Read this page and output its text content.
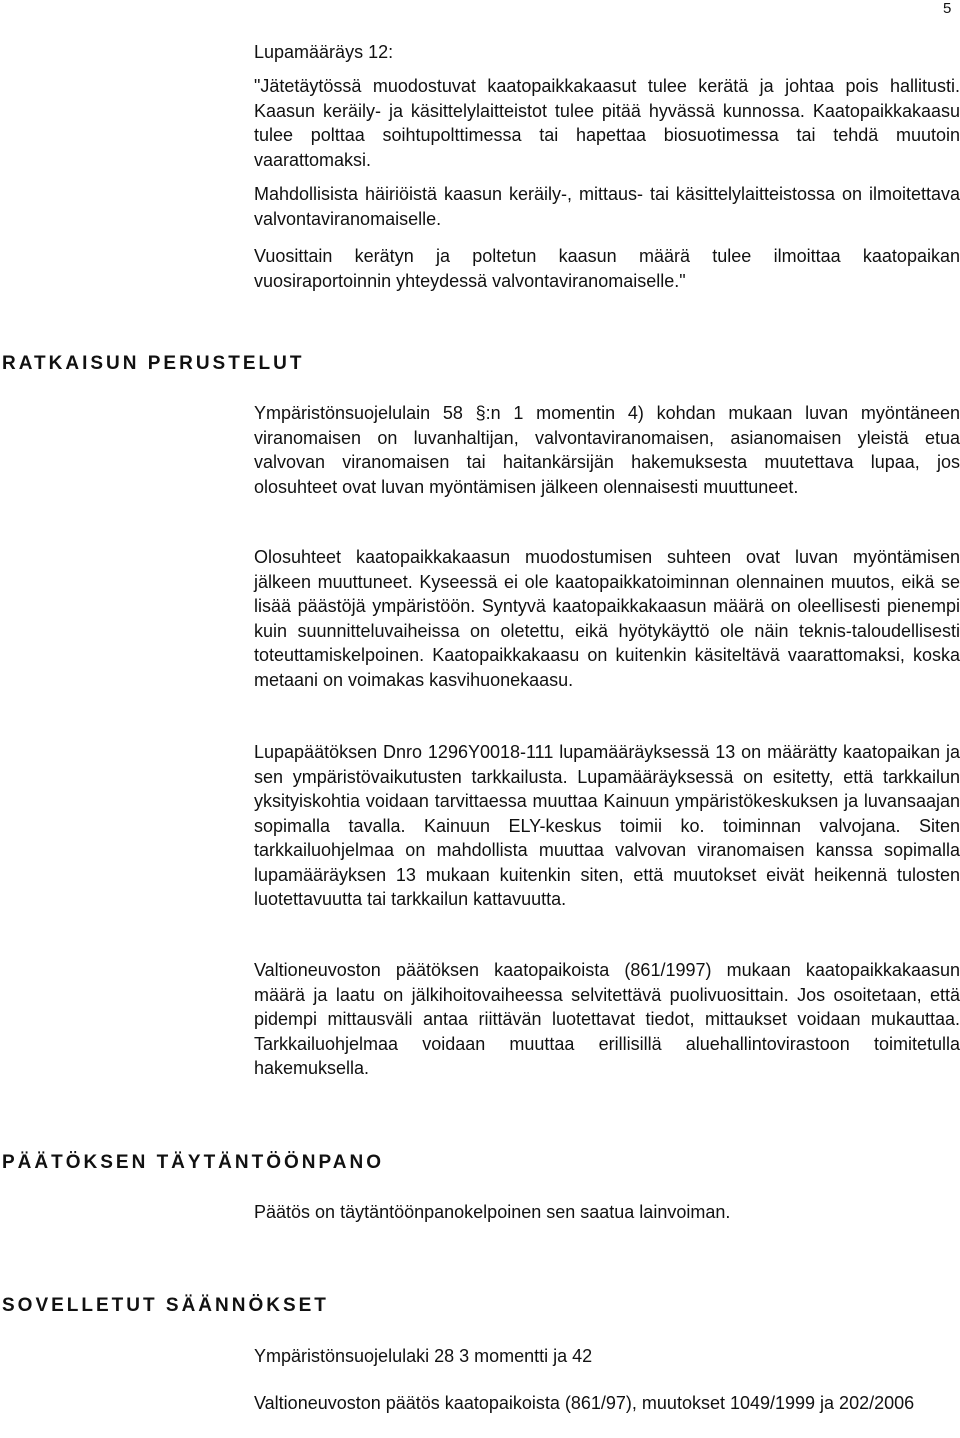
5
Lupamääräys 12:

"Jätetäytössä muodostuvat kaatopaikkakaasut tulee kerätä ja johtaa pois hallitusti. Kaasun keräily- ja käsittelylaitteistot tulee pitää hyvässä kunnossa. Kaatopaikkakaasu tulee polttaa soihtupolttimessa tai hapettaa biosuotimessa tai tehdä muutoin vaarattomaksi.

Mahdollisista häiriöistä kaasun keräily-, mittaus- tai käsittelylaitteistossa on ilmoitettava valvontaviranomaiselle.

Vuosittain kerätyn ja poltetun kaasun määrä tulee ilmoittaa kaatopaikan vuosiraportoinnin yhteydessä valvontaviranomaiselle."

RATKAISUN PERUSTELUT

Ympäristönsuojelulain 58 §:n 1 momentin 4) kohdan mukaan luvan myöntäneen viranomaisen on luvanhaltijan, valvontaviranomaisen, asianomaisen yleistä etua valvovan viranomaisen tai haitankärsijän hakemuksesta muutettava lupaa, jos olosuhteet ovat luvan myöntämisen jälkeen olennaisesti muuttuneet.

Olosuhteet kaatopaikkakaasun muodostumisen suhteen ovat luvan myöntämisen jälkeen muuttuneet. Kyseessä ei ole kaatopaikkatoiminnan olennainen muutos, eikä se lisää päästöjä ympäristöön. Syntyvä kaatopaikkakaasun määrä on oleellisesti pienempi kuin suunnitteluvaiheissa on oletettu, eikä hyötykäyttö ole näin teknis-taloudellisesti toteuttamiskelpoinen. Kaatopaikkakaasu on kuitenkin käsiteltävä vaarattomaksi, koska metaani on voimakas kasvihuonekaasu.

Lupapäätöksen Dnro 1296Y0018-111 lupamääräyksessä 13 on määrätty kaatopaikan ja sen ympäristövaikutusten tarkkailusta. Lupamääräyksessä on esitetty, että tarkkailun yksityiskohtia voidaan tarvittaessa muuttaa Kainuun ympäristökeskuksen ja luvansaajan sopimalla tavalla. Kainuun ELY-keskus toimii ko. toiminnan valvojana. Siten tarkkailuohjelmaa on mahdollista muuttaa valvovan viranomaisen kanssa sopimalla lupamääräyksen 13 mukaan kuitenkin siten, että muutokset eivät heikennä tulosten luotettavuutta tai tarkkailun kattavuutta.

Valtioneuvoston päätöksen kaatopaikoista (861/1997) mukaan kaatopaikkakaasun määrä ja laatu on jälkihoitovaiheessa selvitettävä puolivuosittain. Jos osoitetaan, että pidempi mittausväli antaa riittävän luotettavat tiedot, mittaukset voidaan mukauttaa. Tarkkailuohjelmaa voidaan muuttaa erillisillä aluehallintovirastoon toimitetulla hakemuksella.

PÄÄTÖKSEN TÄYTÄNTÖÖNPANO

Päätös on täytäntöönpanokelpoinen sen saatua lainvoiman.

SOVELLETUT SÄÄNNÖKSET

Ympäristönsuojelulaki 28 3 momentti ja 42

Valtioneuvoston päätös kaatopaikoista (861/97), muutokset 1049/1999 ja 202/2006
